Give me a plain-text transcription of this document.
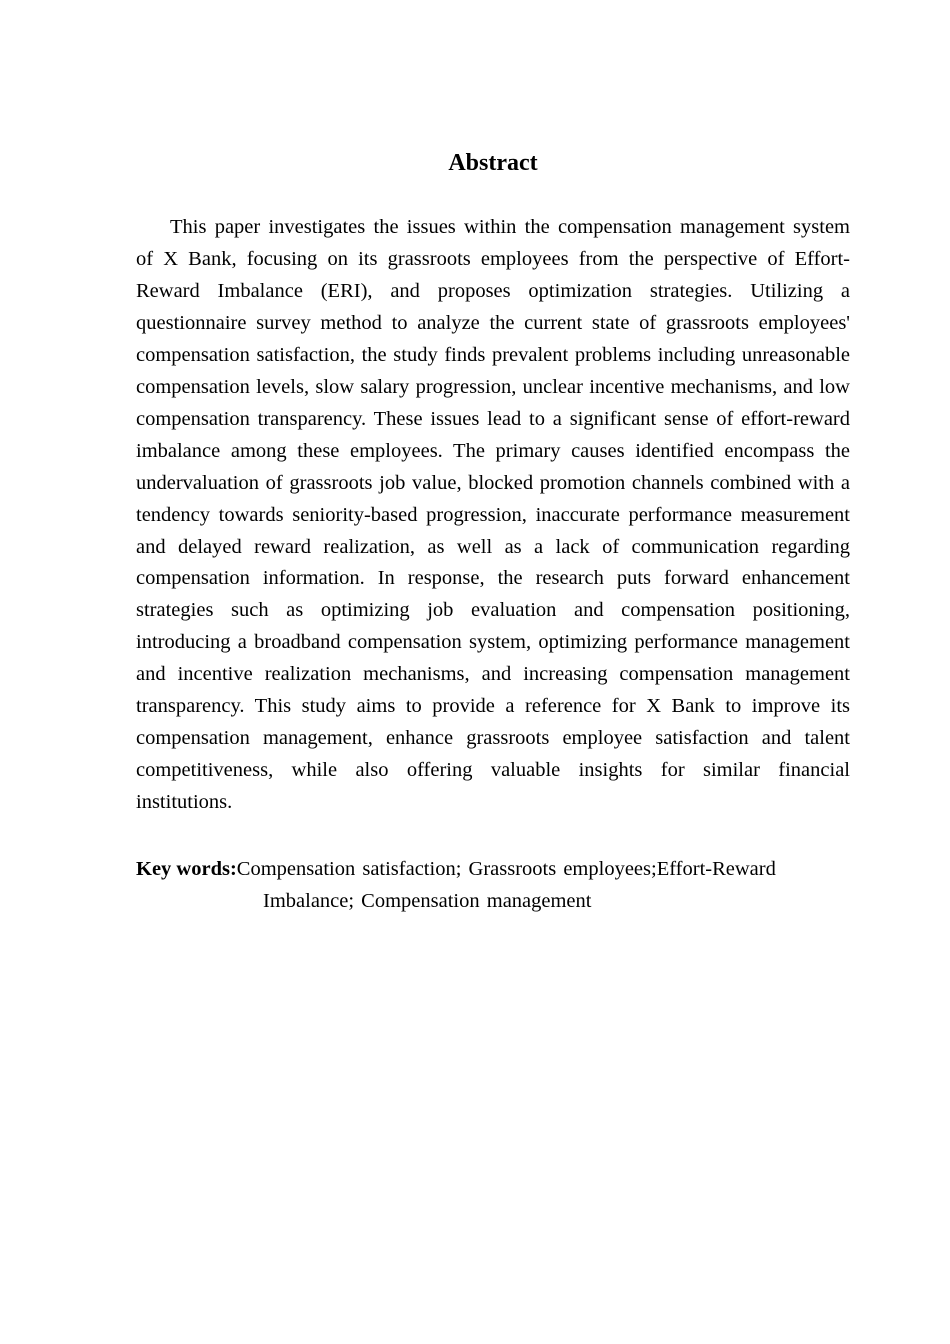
Abstract

This paper investigates the issues within the compensation management system of X Bank, focusing on its grassroots employees from the perspective of Effort-Reward Imbalance (ERI), and proposes optimization strategies. Utilizing a questionnaire survey method to analyze the current state of grassroots employees' compensation satisfaction, the study finds prevalent problems including unreasonable compensation levels, slow salary progression, unclear incentive mechanisms, and low compensation transparency. These issues lead to a significant sense of effort-reward imbalance among these employees. The primary causes identified encompass the undervaluation of grassroots job value, blocked promotion channels combined with a tendency towards seniority-based progression, inaccurate performance measurement and delayed reward realization, as well as a lack of communication regarding compensation information. In response, the research puts forward enhancement strategies such as optimizing job evaluation and compensation positioning, introducing a broadband compensation system, optimizing performance management and incentive realization mechanisms, and increasing compensation management transparency. This study aims to provide a reference for X Bank to improve its compensation management, enhance grassroots employee satisfaction and talent competitiveness, while also offering valuable insights for similar financial institutions.

Key words:Compensation satisfaction; Grassroots employees;Effort-Reward Imbalance; Compensation management
